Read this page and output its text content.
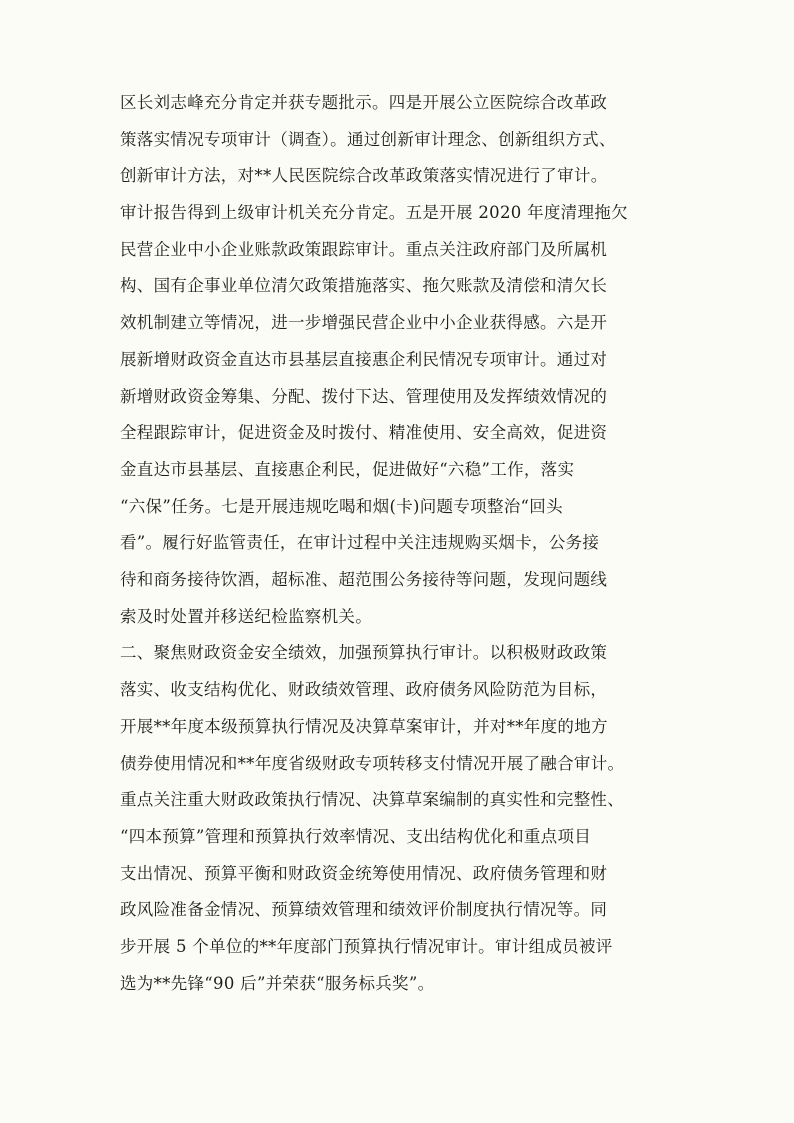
区长刘志峰充分肯定并获专题批示。四是开展公立医院综合改革政

策落实情况专项审计（调查）。通过创新审计理念、创新组织方式、

创新审计方法，对**人民医院综合改革政策落实情况进行了审计。

审计报告得到上级审计机关充分肯定。五是开展 2020 年度清理拖欠

民营企业中小企业账款政策跟踪审计。重点关注政府部门及所属机

构、国有企事业单位清欠政策措施落实、拖欠账款及清偿和清欠长

效机制建立等情况，进一步增强民营企业中小企业获得感。六是开

展新增财政资金直达市县基层直接惠企利民情况专项审计。通过对

新增财政资金筹集、分配、拨付下达、管理使用及发挥绩效情况的

全程跟踪审计，促进资金及时拨付、精准使用、安全高效，促进资

金直达市县基层、直接惠企利民，促进做好“六稳”工作，落实

“六保”任务。七是开展违规吃喝和烟(卡)问题专项整治“回头

看”。履行好监管责任，在审计过程中关注违规购买烟卡，公务接

待和商务接待饮酒，超标准、超范围公务接待等问题，发现问题线

索及时处置并移送纪检监察机关。

二、聚焦财政资金安全绩效，加强预算执行审计。以积极财政政策

落实、收支结构优化、财政绩效管理、政府债务风险防范为目标，

开展**年度本级预算执行情况及决算草案审计，并对**年度的地方

债券使用情况和**年度省级财政专项转移支付情况开展了融合审计。

重点关注重大财政政策执行情况、决算草案编制的真实性和完整性、

“四本预算”管理和预算执行效率情况、支出结构优化和重点项目

支出情况、预算平衡和财政资金统筹使用情况、政府债务管理和财

政风险准备金情况、预算绩效管理和绩效评价制度执行情况等。同

步开展 5 个单位的**年度部门预算执行情况审计。审计组成员被评

选为**先锋“90 后”并荣获“服务标兵奖”。
